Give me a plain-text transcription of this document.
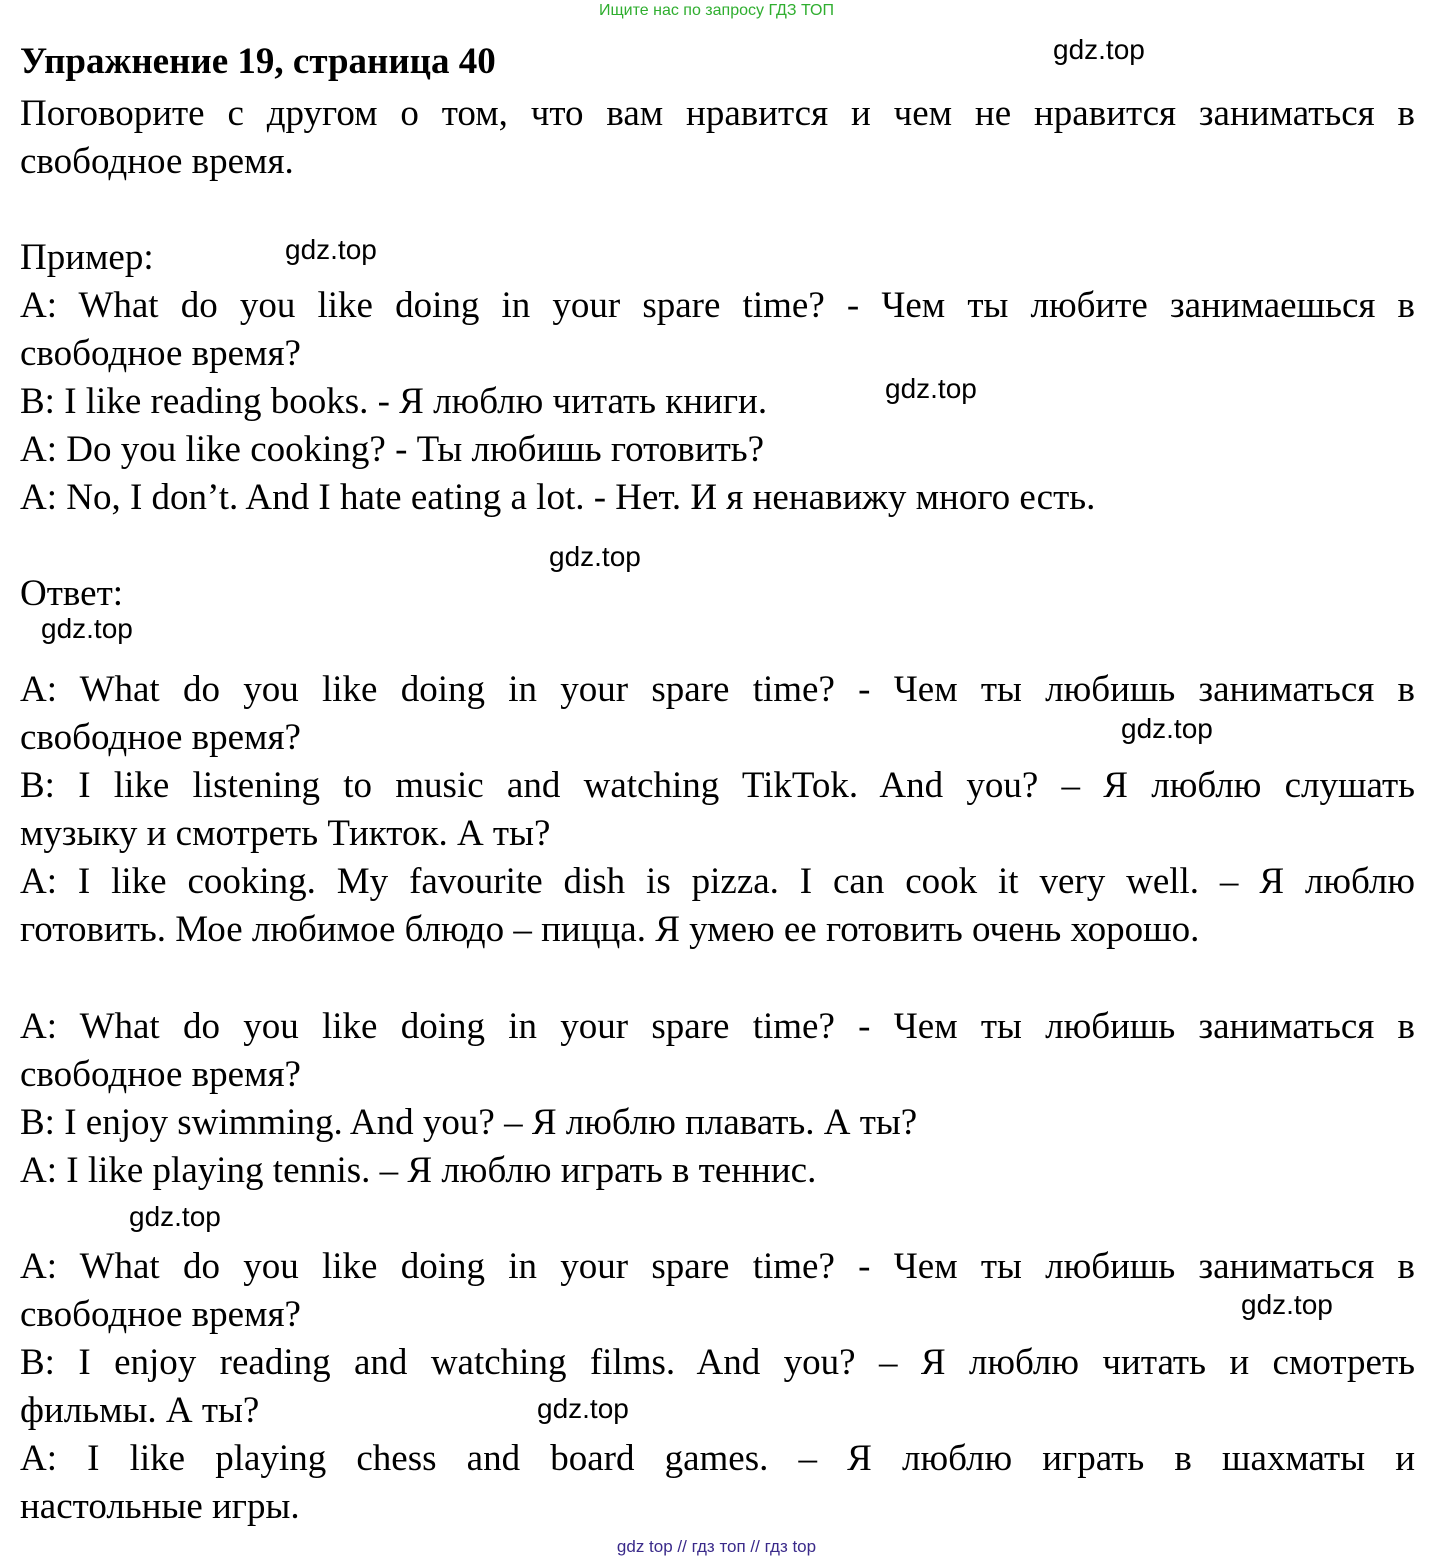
Ищите нас по запросу ГДЗ ТОП
Упражнение 19, страница 40
Поговорите с другом о том, что вам нравится и чем не нравится заниматься в
свободное время.
Пример:
A: What do you like doing in your spare time? - Чем ты любите занимаешься в
свободное время?
B: I like reading books. - Я люблю читать книги.
A: Do you like cooking? - Ты любишь готовить?
A: No, I don’t. And I hate eating a lot. - Нет. И я ненавижу много есть.
Ответ:
A: What do you like doing in your spare time? - Чем ты любишь заниматься в
свободное время?
B: I like listening to music and watching TikTok. And you? – Я люблю слушать
музыку и смотреть Тикток. А ты?
A: I like cooking. My favourite dish is pizza. I can cook it very well. – Я люблю
готовить. Мое любимое блюдо – пицца. Я умею ее готовить очень хорошо.
A: What do you like doing in your spare time? - Чем ты любишь заниматься в
свободное время?
B: I enjoy swimming. And you? – Я люблю плавать. А ты?
A: I like playing tennis. – Я люблю играть в теннис.
A: What do you like doing in your spare time? - Чем ты любишь заниматься в
свободное время?
B: I enjoy reading and watching films. And you? – Я люблю читать и смотреть
фильмы. А ты?
A: I like playing chess and board games. – Я люблю играть в шахматы и
настольные игры.
gdz.top
gdz.top
gdz.top
gdz.top
gdz.top
gdz.top
gdz.top
gdz.top
gdz.top
gdz top // гдз топ // гдз top
